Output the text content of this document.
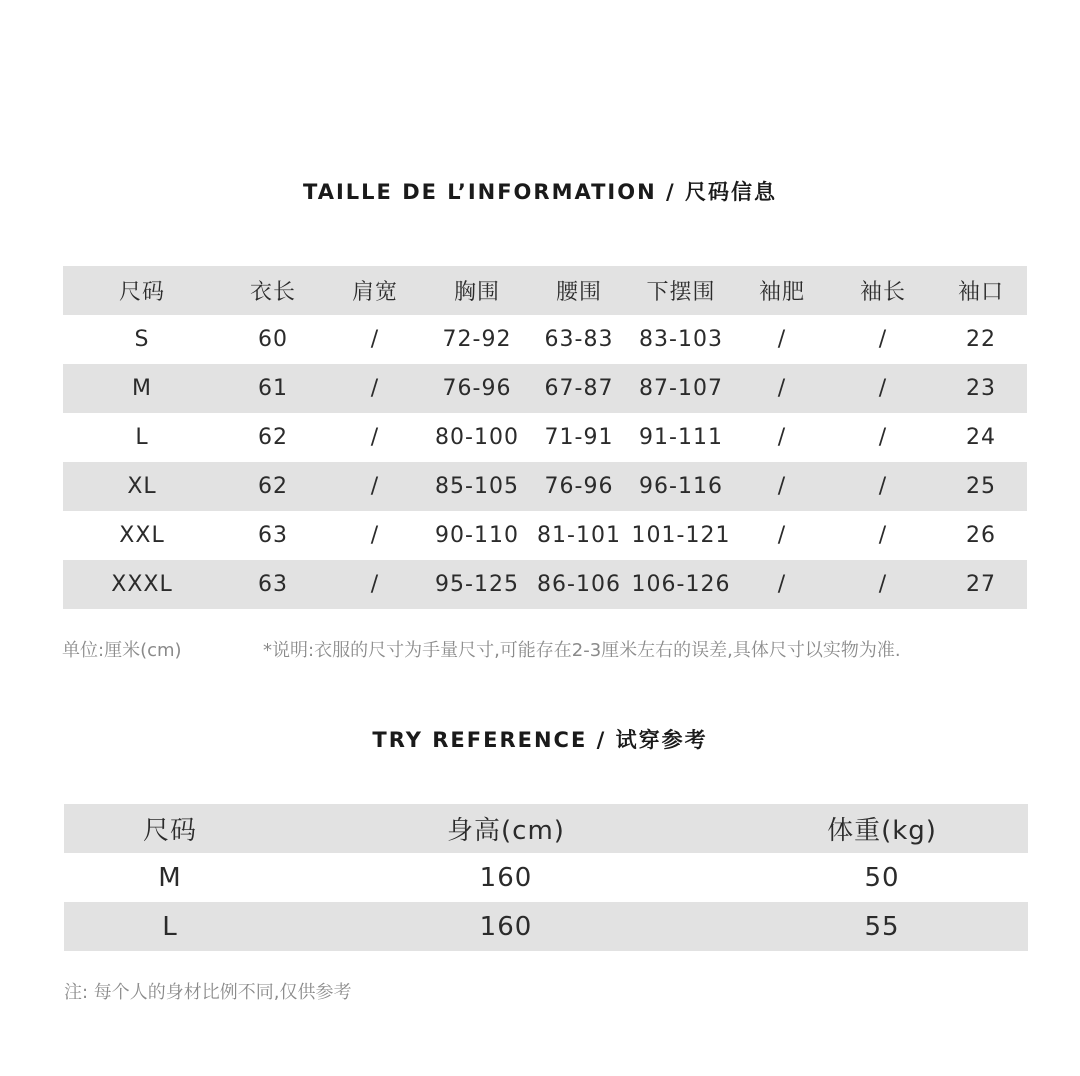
TAILLE DE L’INFORMATION / 尺码信息
尺码	衣长	肩宽	胸围	腰围	下摆围	袖肥	袖长	袖口
S	60	/	72-92	63-83	83-103	/	/	22
M	61	/	76-96	67-87	87-107	/	/	23
L	62	/	80-100	71-91	91-111	/	/	24
XL	62	/	85-105	76-96	96-116	/	/	25
XXL	63	/	90-110	81-101	101-121	/	/	26
XXXL	63	/	95-125	86-106	106-126	/	/	27
单位:厘米(cm)	*说明:衣服的尺寸为手量尺寸,可能存在2-3厘米左右的误差,具体尺寸以实物为准.
TRY REFERENCE / 试穿参考
尺码	身高(cm)	体重(kg)
M	160	50
L	160	55
注: 每个人的身材比例不同,仅供参考
